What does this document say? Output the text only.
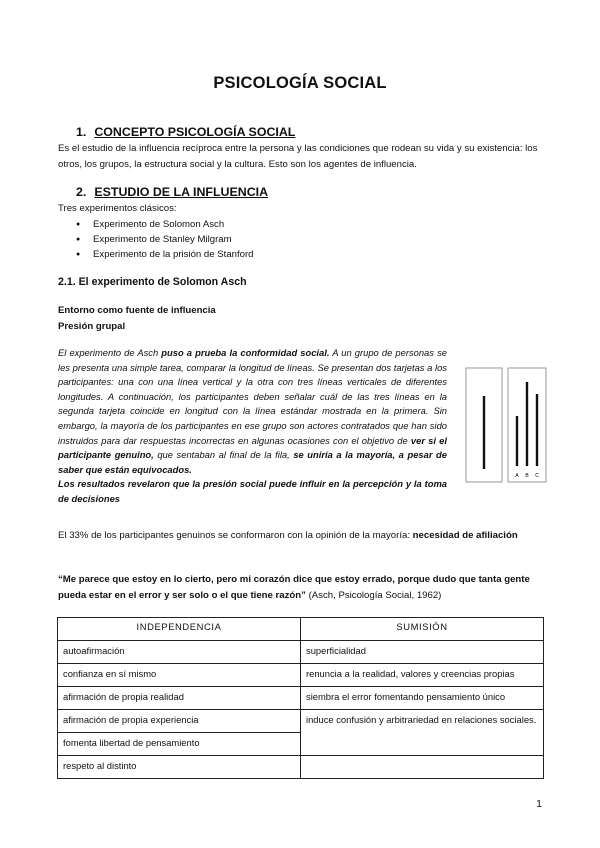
PSICOLOGÍA SOCIAL
1. CONCEPTO PSICOLOGÍA SOCIAL
Es el estudio de la influencia recíproca entre la persona y las condiciones que rodean su vida y su existencia: los otros, los grupos, la estructura social y la cultura. Esto son los agentes de influencia.
2. ESTUDIO DE LA INFLUENCIA
Tres experimentos clásicos:
● Experimento de Solomon Asch
● Experimento de Stanley Milgram
● Experimento de la prisión de Stanford
2.1. El experimento de Solomon Asch
Entorno como fuente de influencia
Presión grupal
El experimento de Asch puso a prueba la conformidad social. A un grupo de personas se les presenta una simple tarea, comparar la longitud de líneas. Se presentan dos tarjetas a los participantes: una con una línea vertical y la otra con tres líneas verticales de diferentes longitudes. A continuación, los participantes deben señalar cuál de las tres líneas en la segunda tarjeta coincide en longitud con la línea estándar mostrada en la primera. Sin embargo, la mayoría de los participantes en ese grupo son actores contratados que han sido instruidos para dar respuestas incorrectas en algunas ocasiones con el objetivo de ver si el participante genuino, que sentaban al final de la fila, se uniría a la mayoría, a pesar de saber que están equivocados.
Los resultados revelaron que la presión social puede influir en la percepción y la toma de decisiones
A B C
El 33% de los participantes genuinos se conformaron con la opinión de la mayoría: necesidad de afiliación
“Me parece que estoy en lo cierto, pero mi corazón dice que estoy errado, porque dudo que tanta gente pueda estar en el error y ser solo o el que tiene razón” (Asch, Psicología Social, 1962)
INDEPENDENCIA	SUMISIÓN
autoafirmación	superficialidad
confianza en sí mismo	renuncia a la realidad, valores y creencias propias
afirmación de propia realidad	siembra el error fomentando pensamiento único
afirmación de propia experiencia	induce confusión y arbitrariedad en relaciones sociales.
fomenta libertad de pensamiento	
respeto al distinto	
1
